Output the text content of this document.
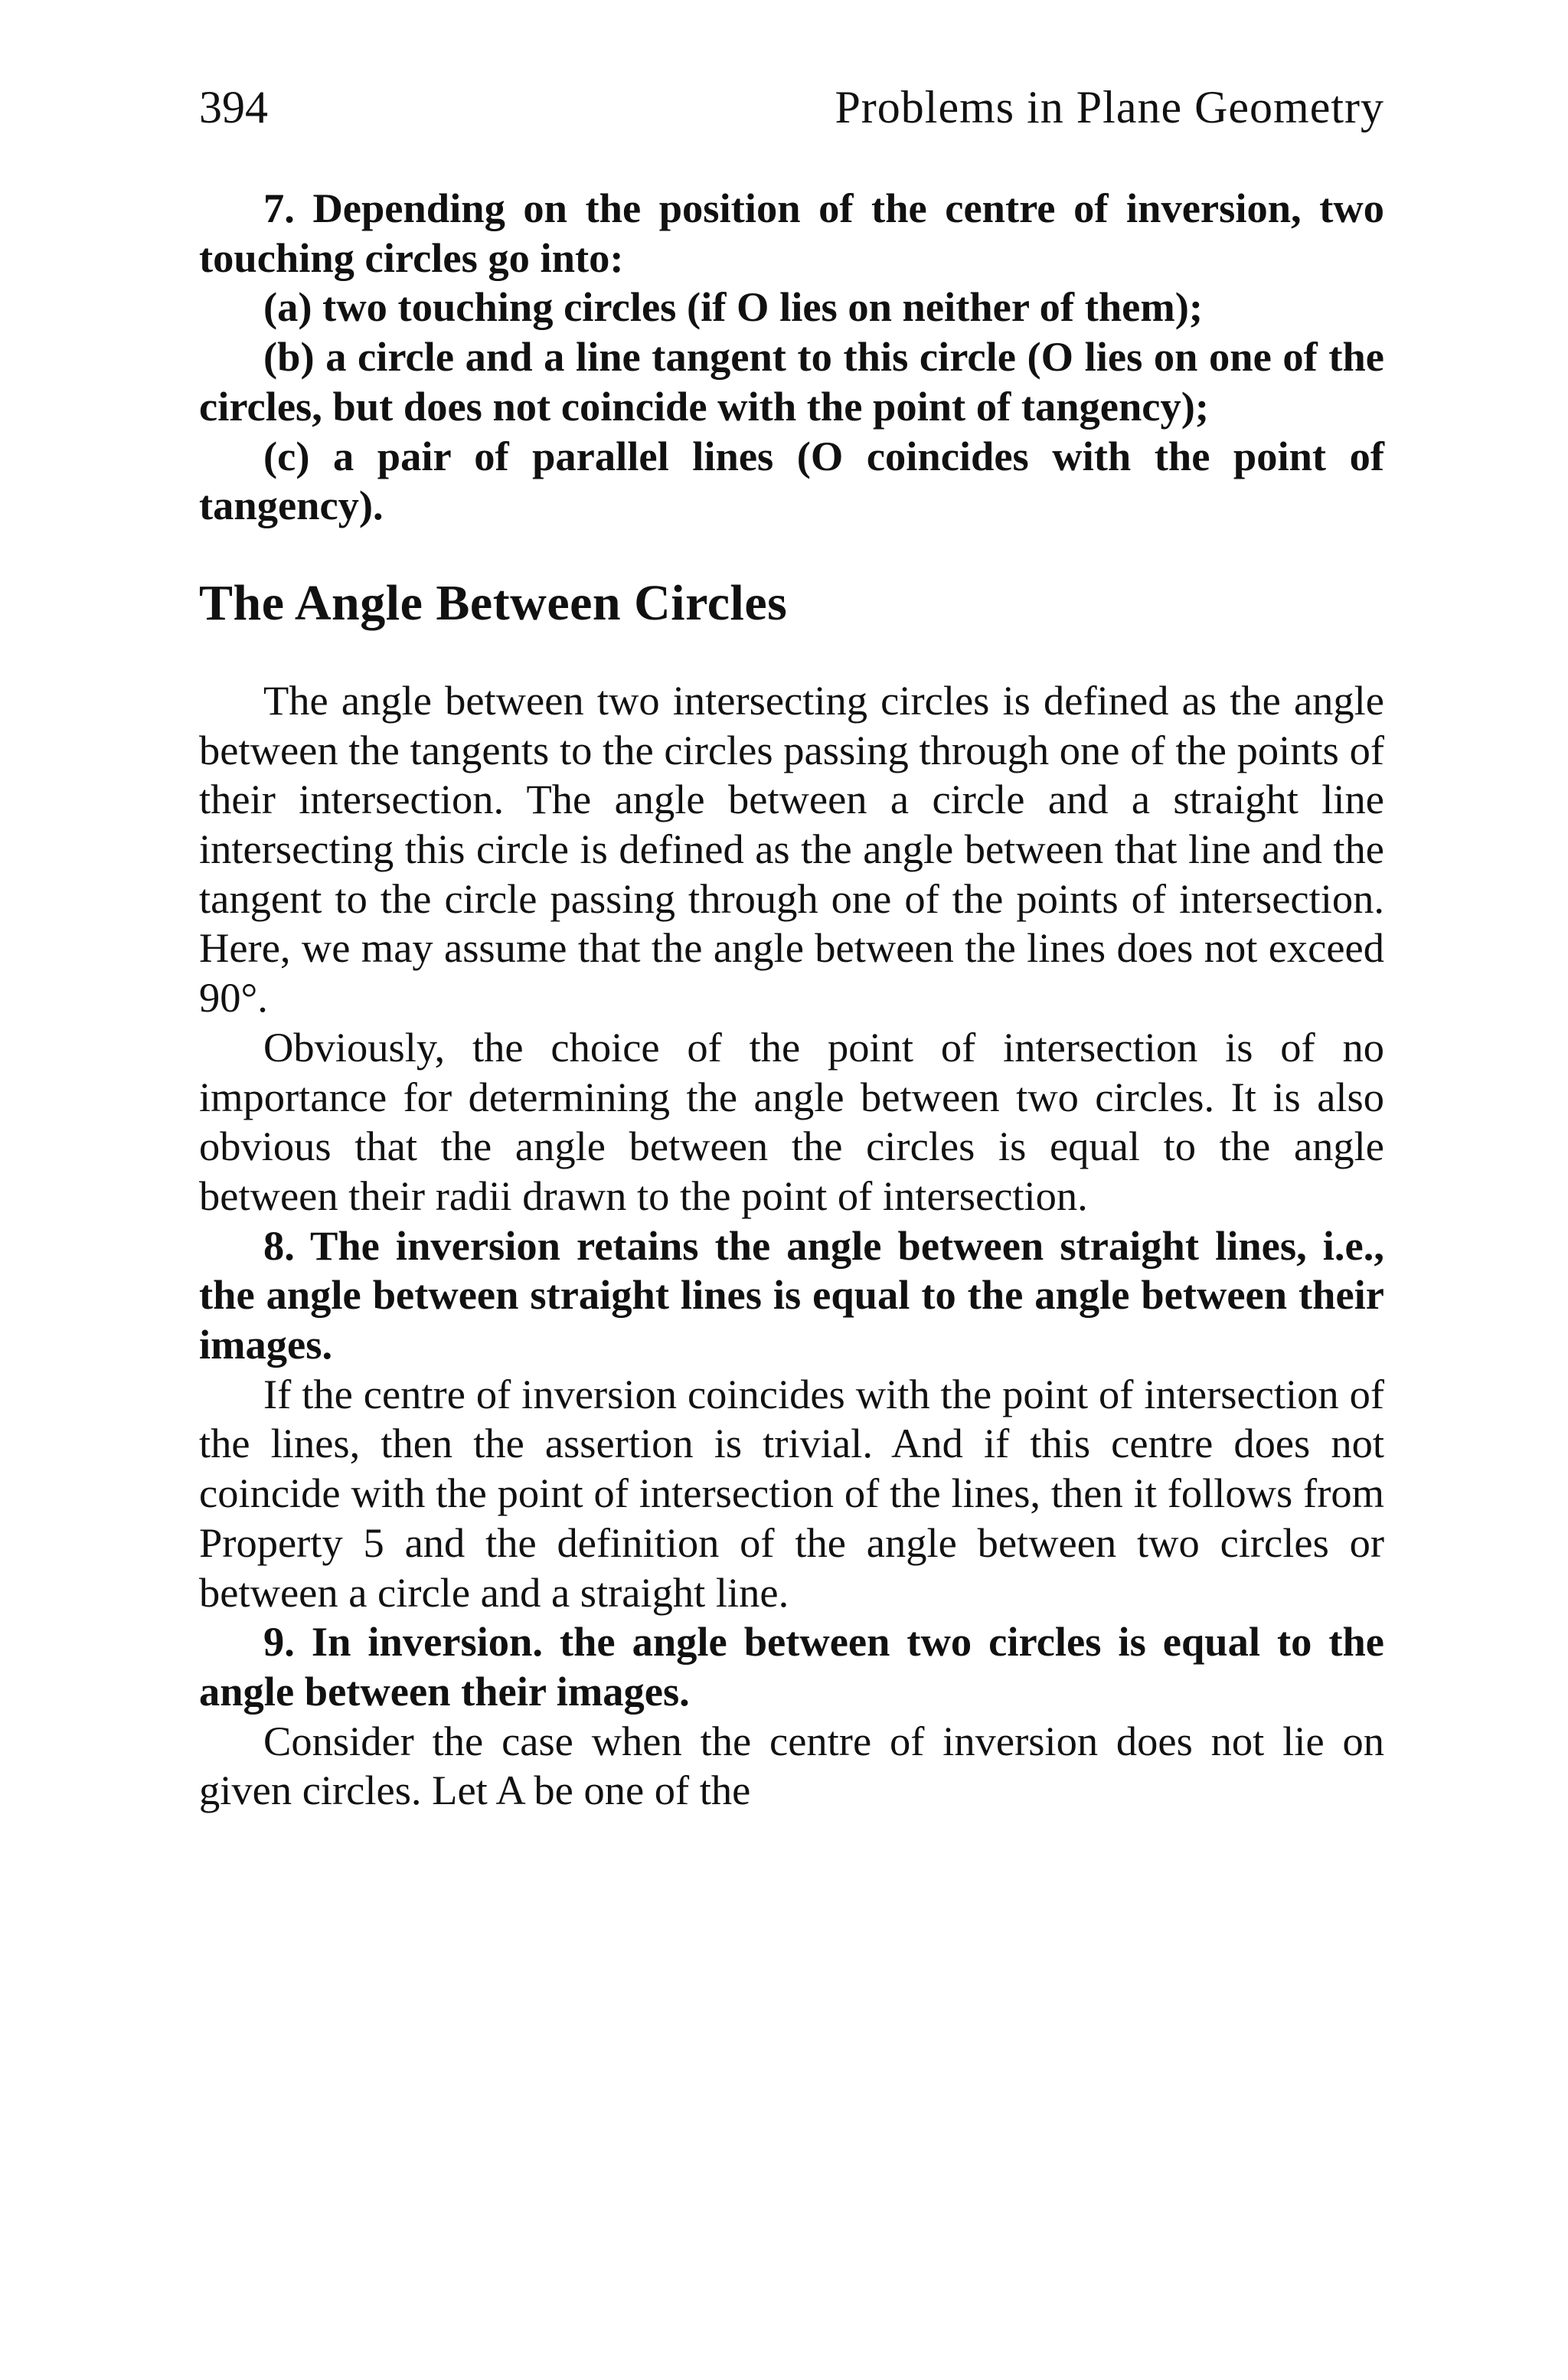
394	Problems in Plane Geometry

7. Depending on the position of the centre of inversion, two touching circles go into:

(a) two touching circles (if O lies on neither of them);

(b) a circle and a line tangent to this circle (O lies on one of the circles, but does not coincide with the point of tangency);

(c) a pair of parallel lines (O coincides with the point of tangency).

The Angle Between Circles

The angle between two intersecting circles is defined as the angle between the tangents to the circles passing through one of the points of their intersection. The angle between a circle and a straight line intersecting this circle is defined as the angle between that line and the tangent to the circle passing through one of the points of intersection. Here, we may assume that the angle between the lines does not exceed 90°.

Obviously, the choice of the point of intersection is of no importance for determining the angle between two circles. It is also obvious that the angle between the circles is equal to the angle between their radii drawn to the point of intersection.

8. The inversion retains the angle between straight lines, i.e., the angle between straight lines is equal to the angle between their images.

If the centre of inversion coincides with the point of intersection of the lines, then the assertion is trivial. And if this centre does not coincide with the point of intersection of the lines, then it follows from Property 5 and the definition of the angle between two circles or between a circle and a straight line.

9. In inversion. the angle between two circles is equal to the angle between their images.

Consider the case when the centre of inversion does not lie on given circles. Let A be one of the
